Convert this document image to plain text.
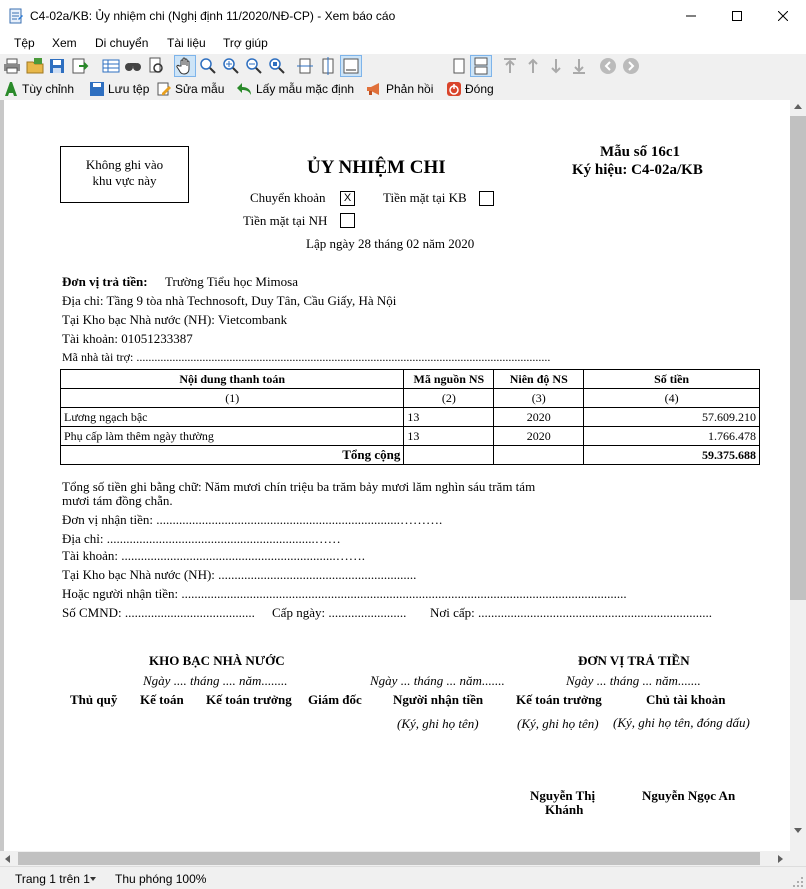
C4-02a/KB: Ủy nhiệm chi (Nghị định 11/2020/NĐ-CP) - Xem báo cáo
Tệp Xem Di chuyển Tài liệu Trợ giúp
Tùy chỉnh	Lưu tệp Sửa mẫu	Lấy mẫu mặc định	Phản hồi	Đóng
Không ghi vào
khu vực này
ỦY NHIỆM CHI
Mẫu số 16c1
Ký hiệu: C4-02a/KB
Chuyển khoản	X Tiền mặt tại KB
Tiền mặt tại NH
Lập ngày 28 tháng 02 năm 2020
Đơn vị trả tiền: Trường Tiểu học Mimosa
Địa chỉ: Tầng 9 tòa nhà Technosoft, Duy Tân, Cầu Giấy, Hà Nội
Tại Kho bạc Nhà nước (NH): Vietcombank
Tài khoản: 01051233387
Mã nhà tài trợ: ..........................................................................................................................................
Nội dung thanh toán	Mã nguồn NS	Niên độ NS	Số tiền
(1)	(2)	(3)	(4)
Lương ngạch bậc	13	2020	57.609.210
Phụ cấp làm thêm ngày thường	13	2020	1.766.478
Tổng cộng			59.375.688
Tổng số tiền ghi bằng chữ: Năm mươi chín triệu ba trăm bảy mươi lăm nghìn sáu trăm tám
mươi tám đồng chẵn.
Đơn vị nhận tiền: ...........................................................................……….
Địa chỉ: ................................................................……
Tài khoản: ..................................................................…….
Tại Kho bạc Nhà nước (NH): .............................................................
Hoặc người nhận tiền: .........................................................................................................................................
Số CMND: ........................................ Cấp ngày: ........................ Nơi cấp: ........................................................................
KHO BẠC NHÀ NƯỚC
Ngày .... tháng .... năm........
ĐƠN VỊ TRẢ TIỀN
Ngày ... tháng ... năm.......	Ngày ... tháng ... năm.......
Thủ quỹ Kế toán Kế toán trưởng Giám đốc Người nhận tiền	Kế toán trưởng	Chủ tài khoản
(Ký, ghi họ tên)	(Ký, ghi họ tên) (Ký, ghi họ tên, đóng dấu)
Nguyễn Thị
Khánh
Nguyễn Ngọc An
Trang 1 trên 1 Thu phóng 100%
